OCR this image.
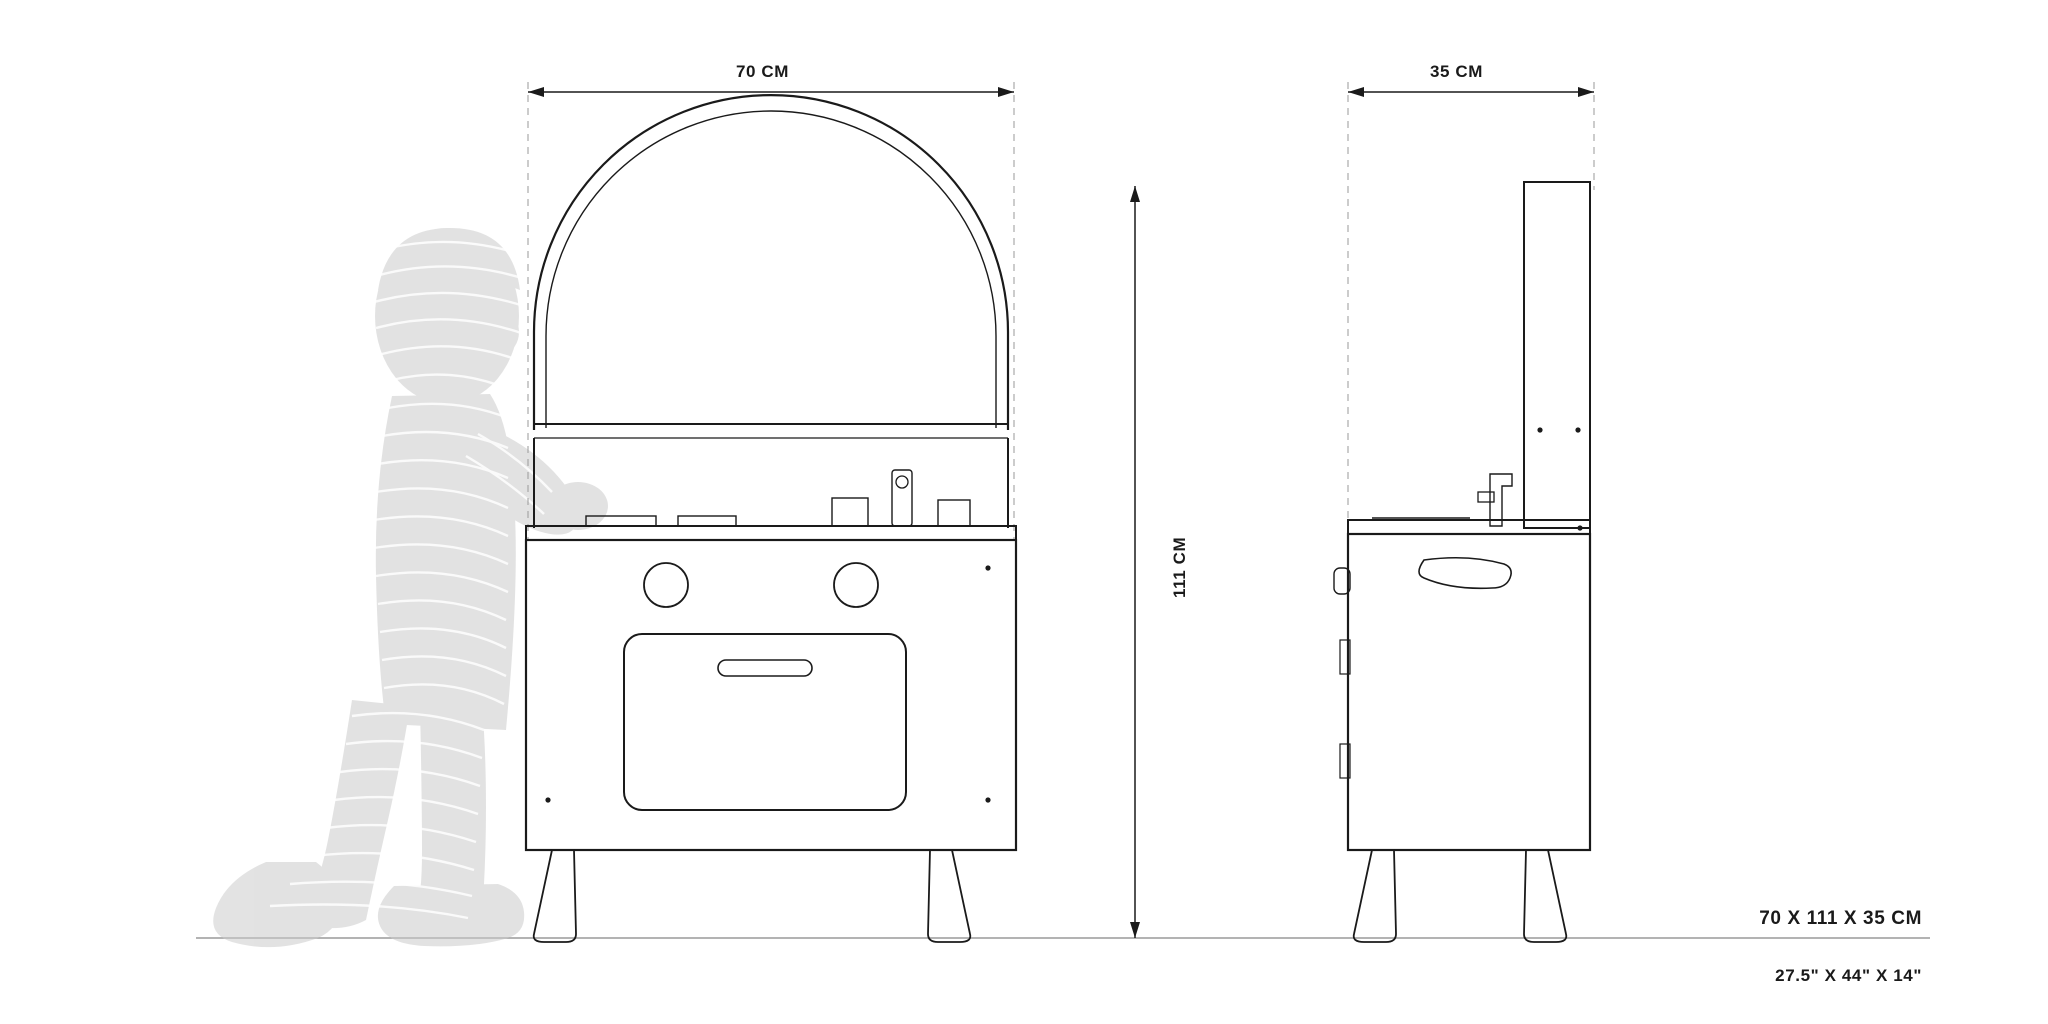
70 CM
111 CM
35 CM
70 X 111 X 35 CM
27.5" X 44" X 14"
